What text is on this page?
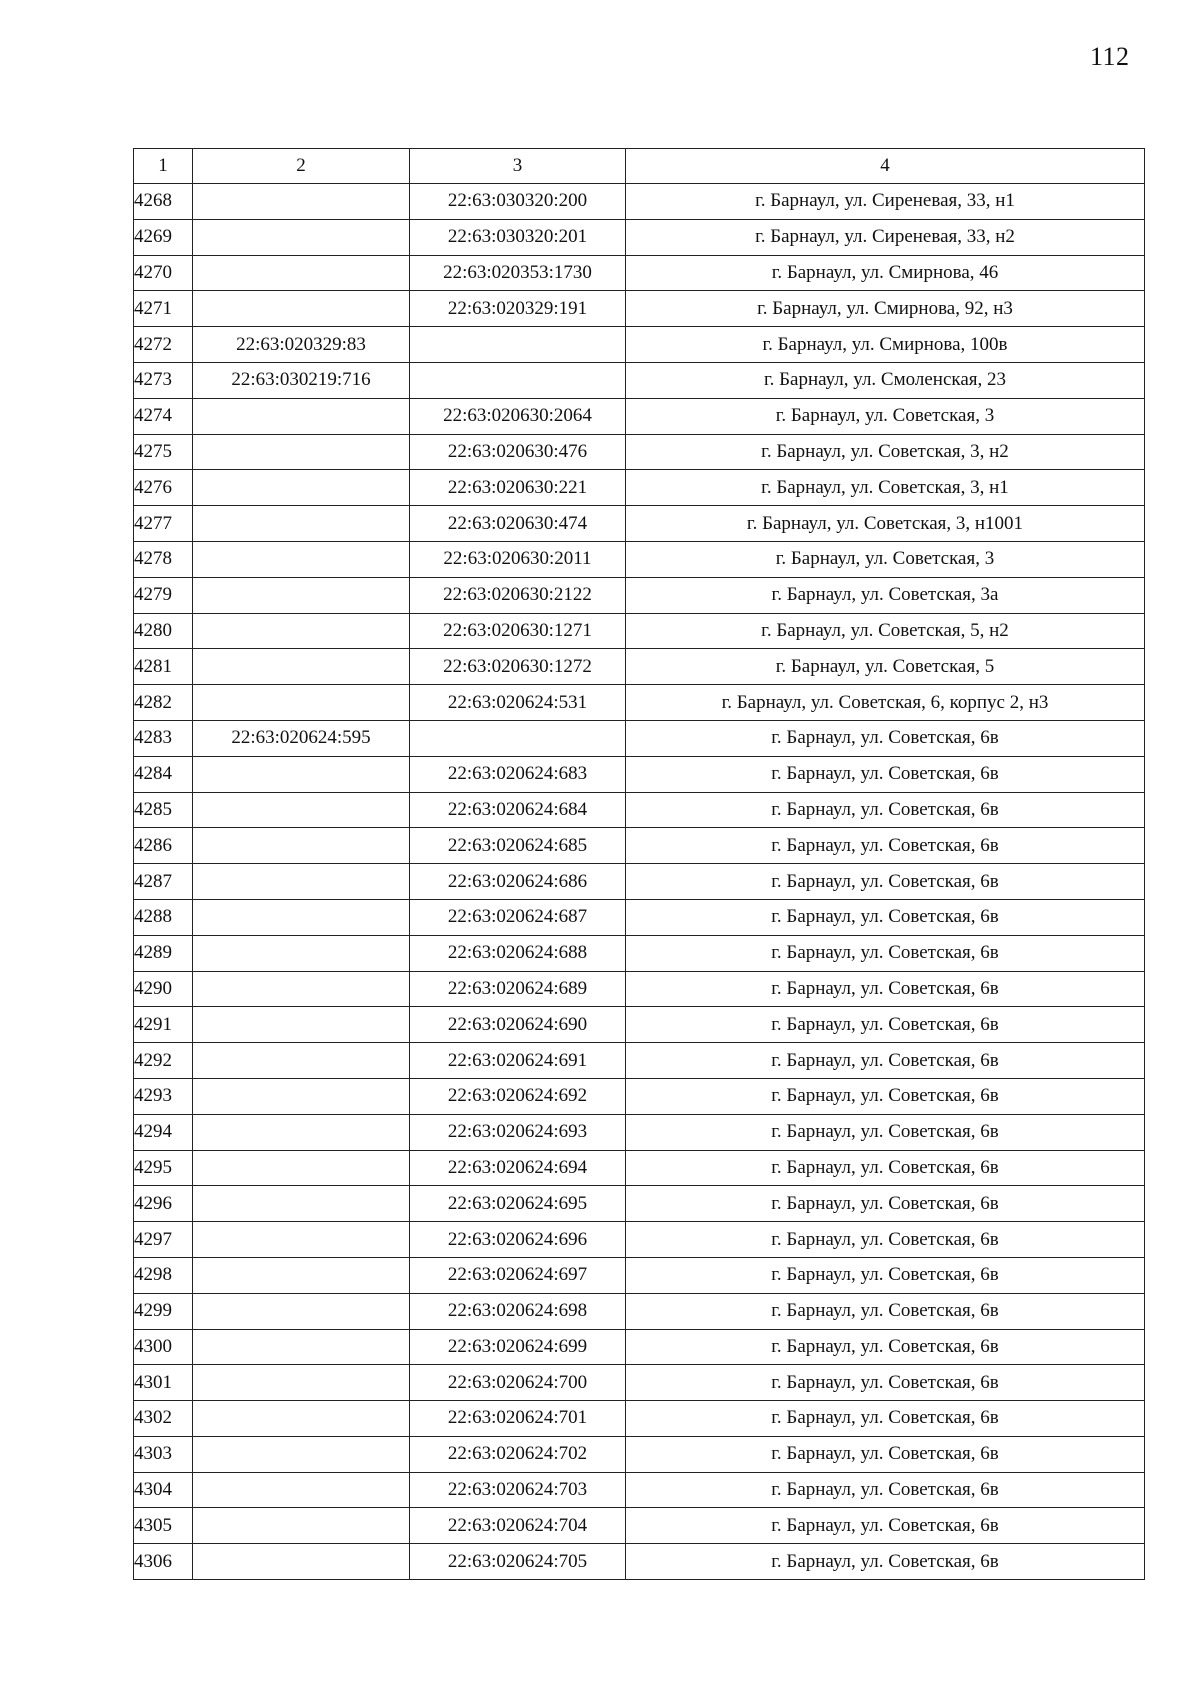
112
1	2	3	4
4268		22:63:030320:200	г. Барнаул, ул. Сиреневая, 33, н1
4269		22:63:030320:201	г. Барнаул, ул. Сиреневая, 33, н2
4270		22:63:020353:1730	г. Барнаул, ул. Смирнова, 46
4271		22:63:020329:191	г. Барнаул, ул. Смирнова, 92, н3
4272	22:63:020329:83		г. Барнаул, ул. Смирнова, 100в
4273	22:63:030219:716		г. Барнаул, ул. Смоленская, 23
4274		22:63:020630:2064	г. Барнаул, ул. Советская, 3
4275		22:63:020630:476	г. Барнаул, ул. Советская, 3, н2
4276		22:63:020630:221	г. Барнаул, ул. Советская, 3, н1
4277		22:63:020630:474	г. Барнаул, ул. Советская, 3, н1001
4278		22:63:020630:2011	г. Барнаул, ул. Советская, 3
4279		22:63:020630:2122	г. Барнаул, ул. Советская, 3а
4280		22:63:020630:1271	г. Барнаул, ул. Советская, 5, н2
4281		22:63:020630:1272	г. Барнаул, ул. Советская, 5
4282		22:63:020624:531	г. Барнаул, ул. Советская, 6, корпус 2, н3
4283	22:63:020624:595		г. Барнаул, ул. Советская, 6в
4284		22:63:020624:683	г. Барнаул, ул. Советская, 6в
4285		22:63:020624:684	г. Барнаул, ул. Советская, 6в
4286		22:63:020624:685	г. Барнаул, ул. Советская, 6в
4287		22:63:020624:686	г. Барнаул, ул. Советская, 6в
4288		22:63:020624:687	г. Барнаул, ул. Советская, 6в
4289		22:63:020624:688	г. Барнаул, ул. Советская, 6в
4290		22:63:020624:689	г. Барнаул, ул. Советская, 6в
4291		22:63:020624:690	г. Барнаул, ул. Советская, 6в
4292		22:63:020624:691	г. Барнаул, ул. Советская, 6в
4293		22:63:020624:692	г. Барнаул, ул. Советская, 6в
4294		22:63:020624:693	г. Барнаул, ул. Советская, 6в
4295		22:63:020624:694	г. Барнаул, ул. Советская, 6в
4296		22:63:020624:695	г. Барнаул, ул. Советская, 6в
4297		22:63:020624:696	г. Барнаул, ул. Советская, 6в
4298		22:63:020624:697	г. Барнаул, ул. Советская, 6в
4299		22:63:020624:698	г. Барнаул, ул. Советская, 6в
4300		22:63:020624:699	г. Барнаул, ул. Советская, 6в
4301		22:63:020624:700	г. Барнаул, ул. Советская, 6в
4302		22:63:020624:701	г. Барнаул, ул. Советская, 6в
4303		22:63:020624:702	г. Барнаул, ул. Советская, 6в
4304		22:63:020624:703	г. Барнаул, ул. Советская, 6в
4305		22:63:020624:704	г. Барнаул, ул. Советская, 6в
4306		22:63:020624:705	г. Барнаул, ул. Советская, 6в
